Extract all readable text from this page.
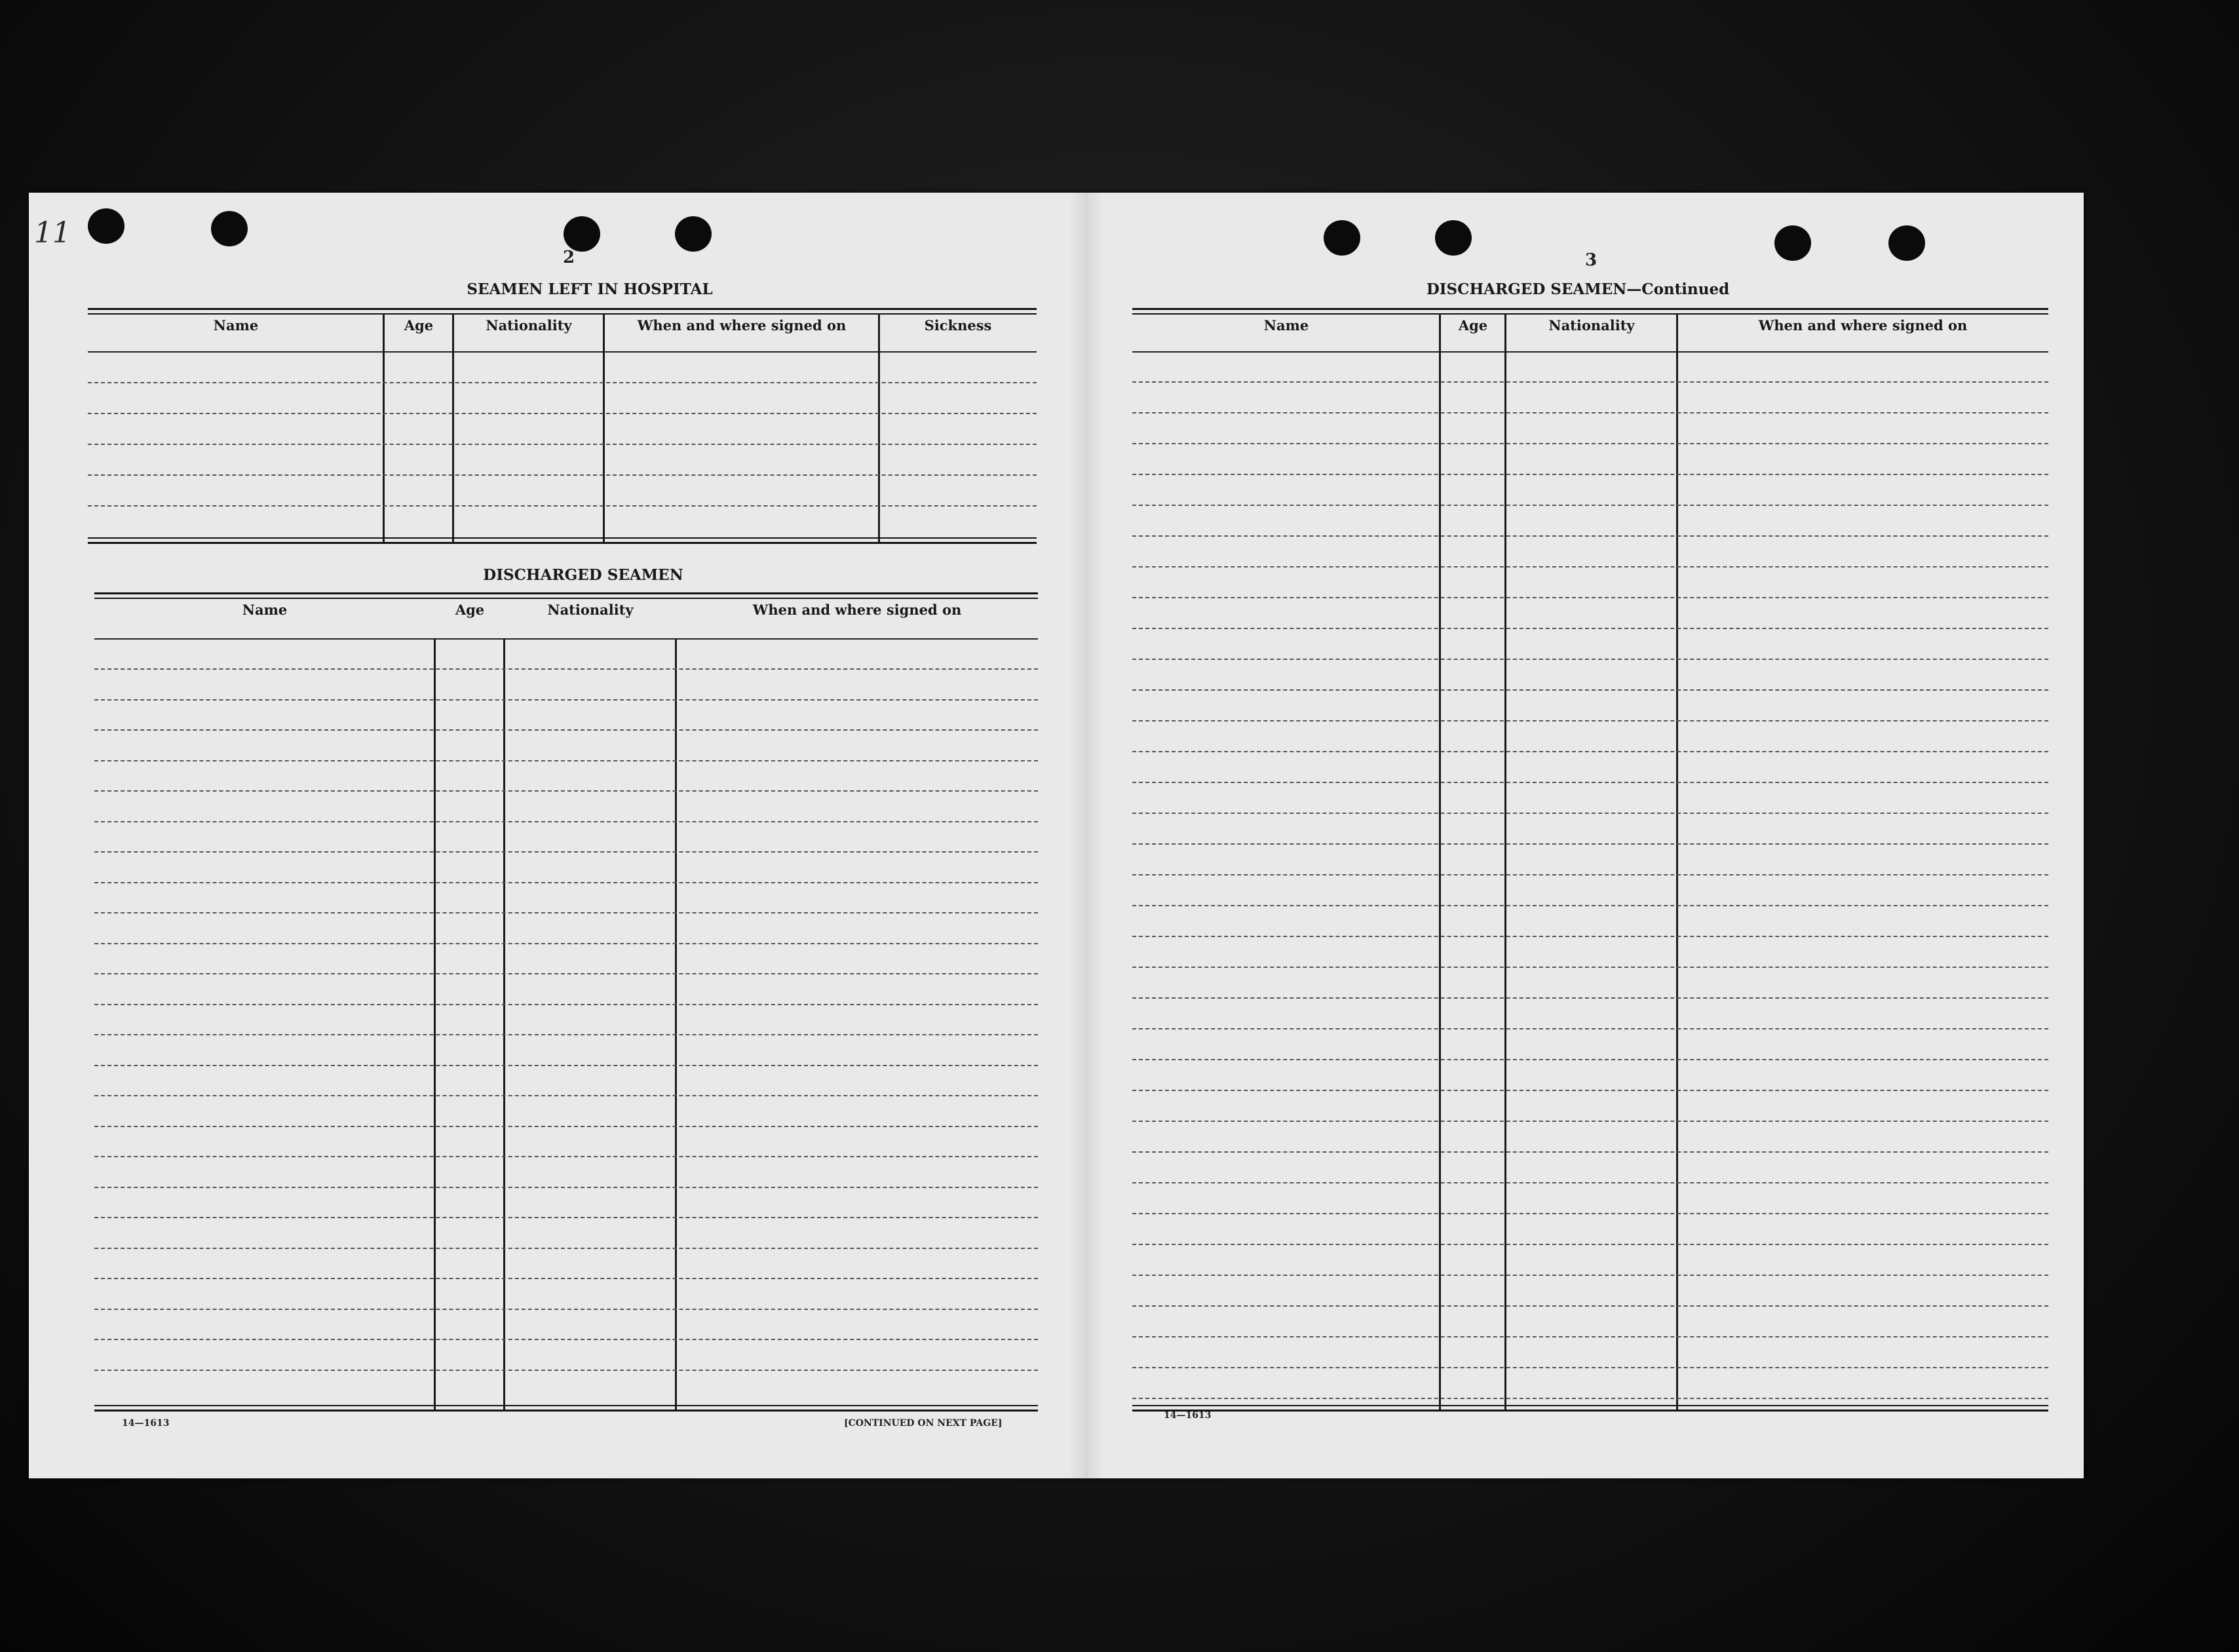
11
2
SEAMEN LEFT IN HOSPITAL
Name	Age	Nationality	When and where signed on	Sickness
DISCHARGED SEAMEN
Name	Age	Nationality	When and where signed on
14—1613	[CONTINUED ON NEXT PAGE]
3
DISCHARGED SEAMEN—Continued
Name	Age	Nationality	When and where signed on
14—1613
